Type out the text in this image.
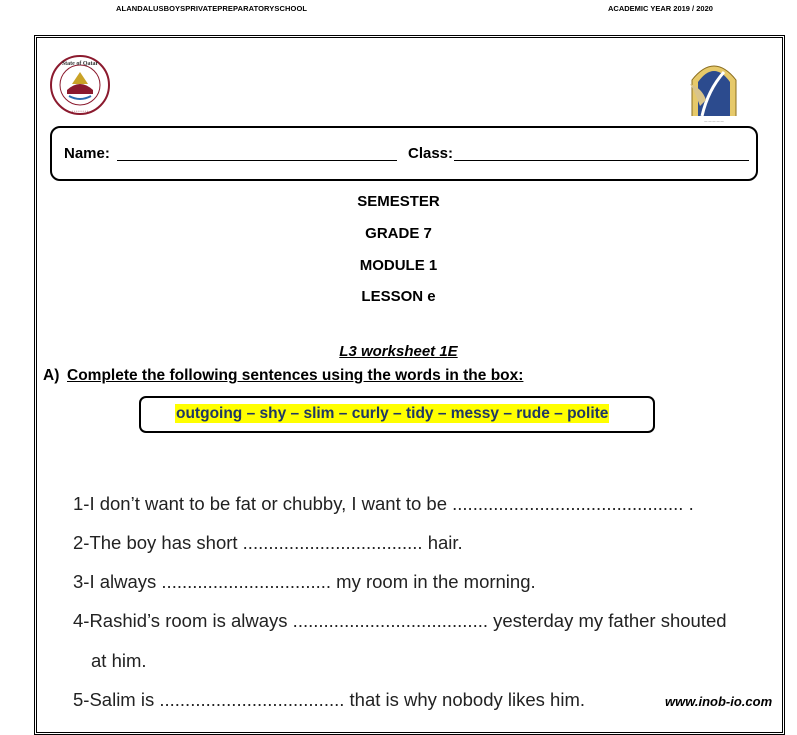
ALANDALUSBOYSPRIVATEPREPARATORYSCHOOL	ACADEMIC YEAR 2019 / 2020
State of Qatar
• • • • • • • • •
— — — — —
Name:	Class:
SEMESTER
GRADE 7
MODULE 1
LESSON e
L3 worksheet 1E
A) Complete the following sentences using the words in the box:
outgoing – shy – slim – curly – tidy – messy – rude – polite
1-I don’t want to be fat or chubby, I want to be ............................................. .
2-The boy has short ................................... hair.
3-I always ................................. my room in the morning.
4-Rashid’s room is always ...................................... yesterday my father shouted
at him.
5-Salim is .................................... that is why nobody likes him.	www.inob-io.com
